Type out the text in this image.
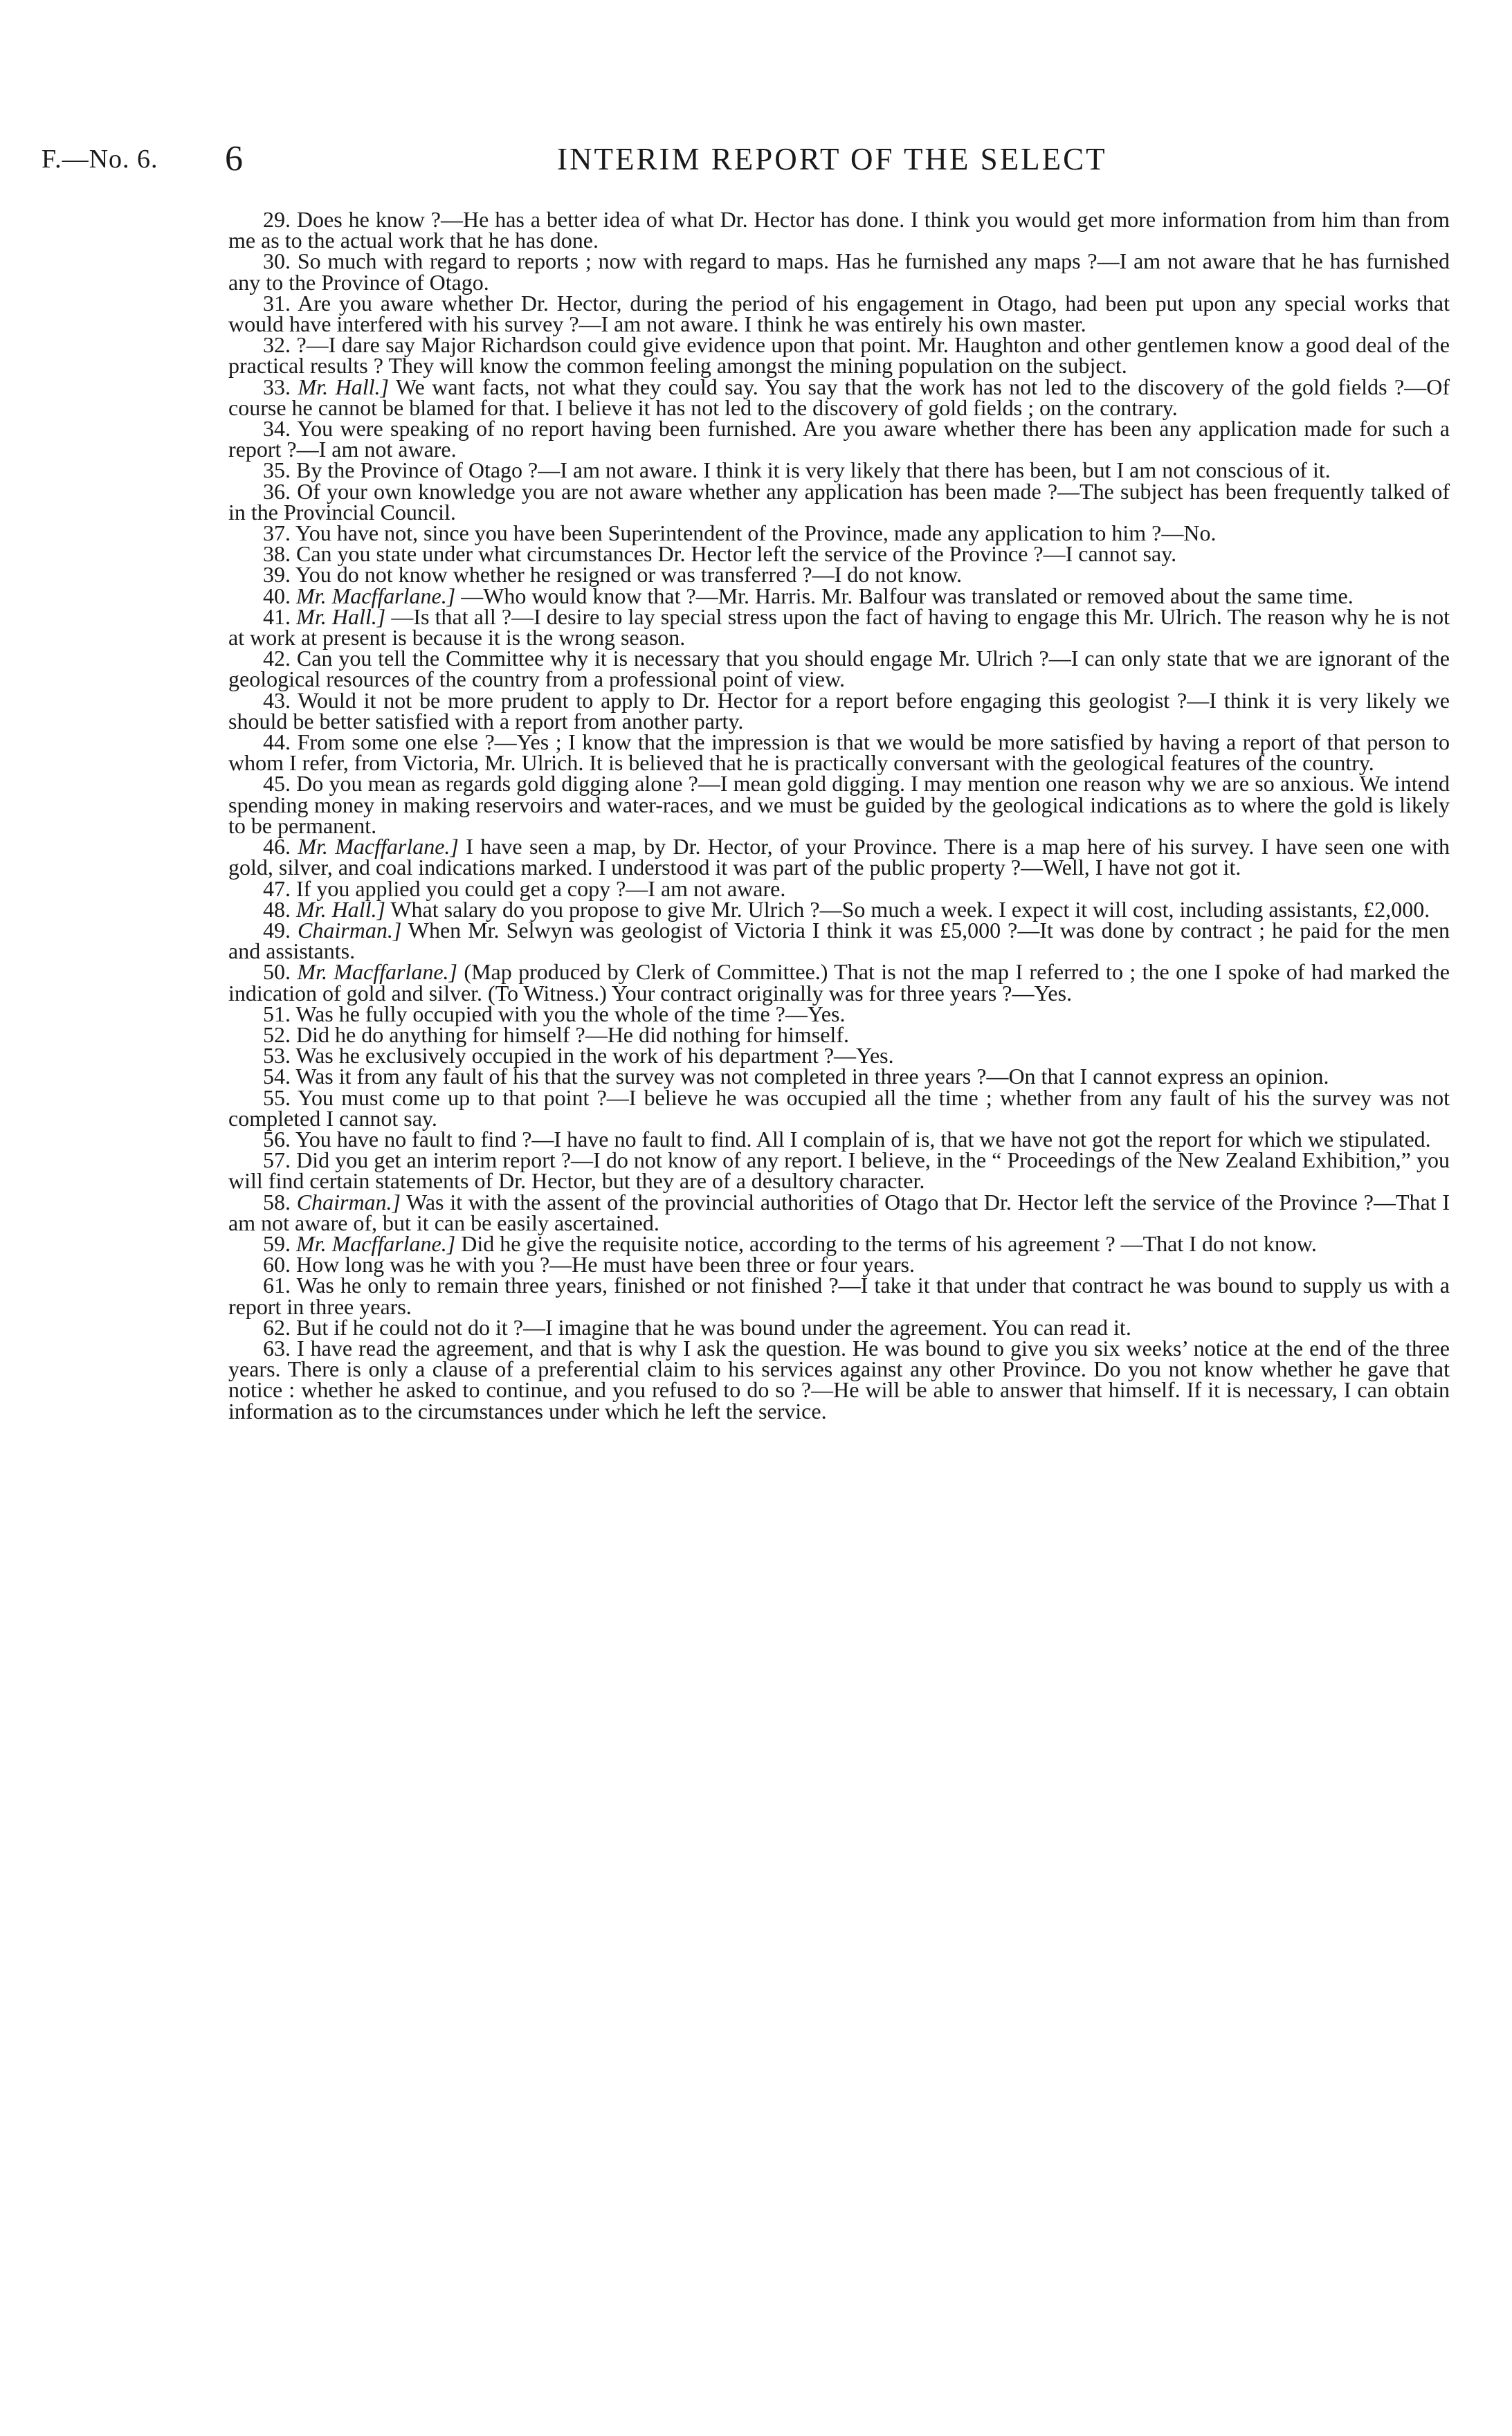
F.—No. 6. 6	INTERIM REPORT OF THE SELECT

29. Does he know ?—He has a better idea of what Dr. Hector has done. I think you would get more information from him than from me as to the actual work that he has done.

30. So much with regard to reports ; now with regard to maps. Has he furnished any maps ?—I am not aware that he has furnished any to the Province of Otago.

31. Are you aware whether Dr. Hector, during the period of his engagement in Otago, had been put upon any special works that would have interfered with his survey ?—I am not aware. I think he was entirely his own master.

32. ?—I dare say Major Richardson could give evidence upon that point. Mr. Haughton and other gentlemen know a good deal of the practical results ? They will know the common feeling amongst the mining population on the subject.

33. Mr. Hall.] We want facts, not what they could say. You say that the work has not led to the discovery of the gold fields ?—Of course he cannot be blamed for that. I believe it has not led to the discovery of gold fields ; on the contrary.

34. You were speaking of no report having been furnished. Are you aware whether there has been any application made for such a report ?—I am not aware.

35. By the Province of Otago ?—I am not aware. I think it is very likely that there has been, but I am not conscious of it.

36. Of your own knowledge you are not aware whether any application has been made ?—The subject has been frequently talked of in the Provincial Council.

37. You have not, since you have been Superintendent of the Province, made any application to him ?—No.

38. Can you state under what circumstances Dr. Hector left the service of the Province ?—I cannot say.

39. You do not know whether he resigned or was transferred ?—I do not know.

40. Mr. Macffarlane.] —Who would know that ?—Mr. Harris. Mr. Balfour was translated or removed about the same time.

41. Mr. Hall.] —Is that all ?—I desire to lay special stress upon the fact of having to engage this Mr. Ulrich. The reason why he is not at work at present is because it is the wrong season.

42. Can you tell the Committee why it is necessary that you should engage Mr. Ulrich ?—I can only state that we are ignorant of the geological resources of the country from a professional point of view.

43. Would it not be more prudent to apply to Dr. Hector for a report before engaging this geologist ?—I think it is very likely we should be better satisfied with a report from another party.

44. From some one else ?—Yes ; I know that the impression is that we would be more satisfied by having a report of that person to whom I refer, from Victoria, Mr. Ulrich. It is believed that he is practically conversant with the geological features of the country.

45. Do you mean as regards gold digging alone ?—I mean gold digging. I may mention one reason why we are so anxious. We intend spending money in making reservoirs and water-races, and we must be guided by the geological indications as to where the gold is likely to be permanent.

46. Mr. Macffarlane.] I have seen a map, by Dr. Hector, of your Province. There is a map here of his survey. I have seen one with gold, silver, and coal indications marked. I understood it was part of the public property ?—Well, I have not got it.

47. If you applied you could get a copy ?—I am not aware.

48. Mr. Hall.] What salary do you propose to give Mr. Ulrich ?—So much a week. I expect it will cost, including assistants, £2,000.

49. Chairman.] When Mr. Selwyn was geologist of Victoria I think it was £5,000 ?—It was done by contract ; he paid for the men and assistants.

50. Mr. Macffarlane.] (Map produced by Clerk of Committee.) That is not the map I referred to ; the one I spoke of had marked the indication of gold and silver. (To Witness.) Your contract originally was for three years ?—Yes.

51. Was he fully occupied with you the whole of the time ?—Yes.

52. Did he do anything for himself ?—He did nothing for himself.

53. Was he exclusively occupied in the work of his department ?—Yes.

54. Was it from any fault of his that the survey was not completed in three years ?—On that I cannot express an opinion.

55. You must come up to that point ?—I believe he was occupied all the time ; whether from any fault of his the survey was not completed I cannot say.

56. You have no fault to find ?—I have no fault to find. All I complain of is, that we have not got the report for which we stipulated.

57. Did you get an interim report ?—I do not know of any report. I believe, in the “ Proceedings of the New Zealand Exhibition,” you will find certain statements of Dr. Hector, but they are of a desultory character.

58. Chairman.] Was it with the assent of the provincial authorities of Otago that Dr. Hector left the service of the Province ?—That I am not aware of, but it can be easily ascertained.

59. Mr. Macffarlane.] Did he give the requisite notice, according to the terms of his agreement ? —That I do not know.

60. How long was he with you ?—He must have been three or four years.

61. Was he only to remain three years, finished or not finished ?—I take it that under that contract he was bound to supply us with a report in three years.

62. But if he could not do it ?—I imagine that he was bound under the agreement. You can read it.

63. I have read the agreement, and that is why I ask the question. He was bound to give you six weeks’ notice at the end of the three years. There is only a clause of a preferential claim to his services against any other Province. Do you not know whether he gave that notice : whether he asked to continue, and you refused to do so ?—He will be able to answer that himself. If it is necessary, I can obtain information as to the circumstances under which he left the service.
